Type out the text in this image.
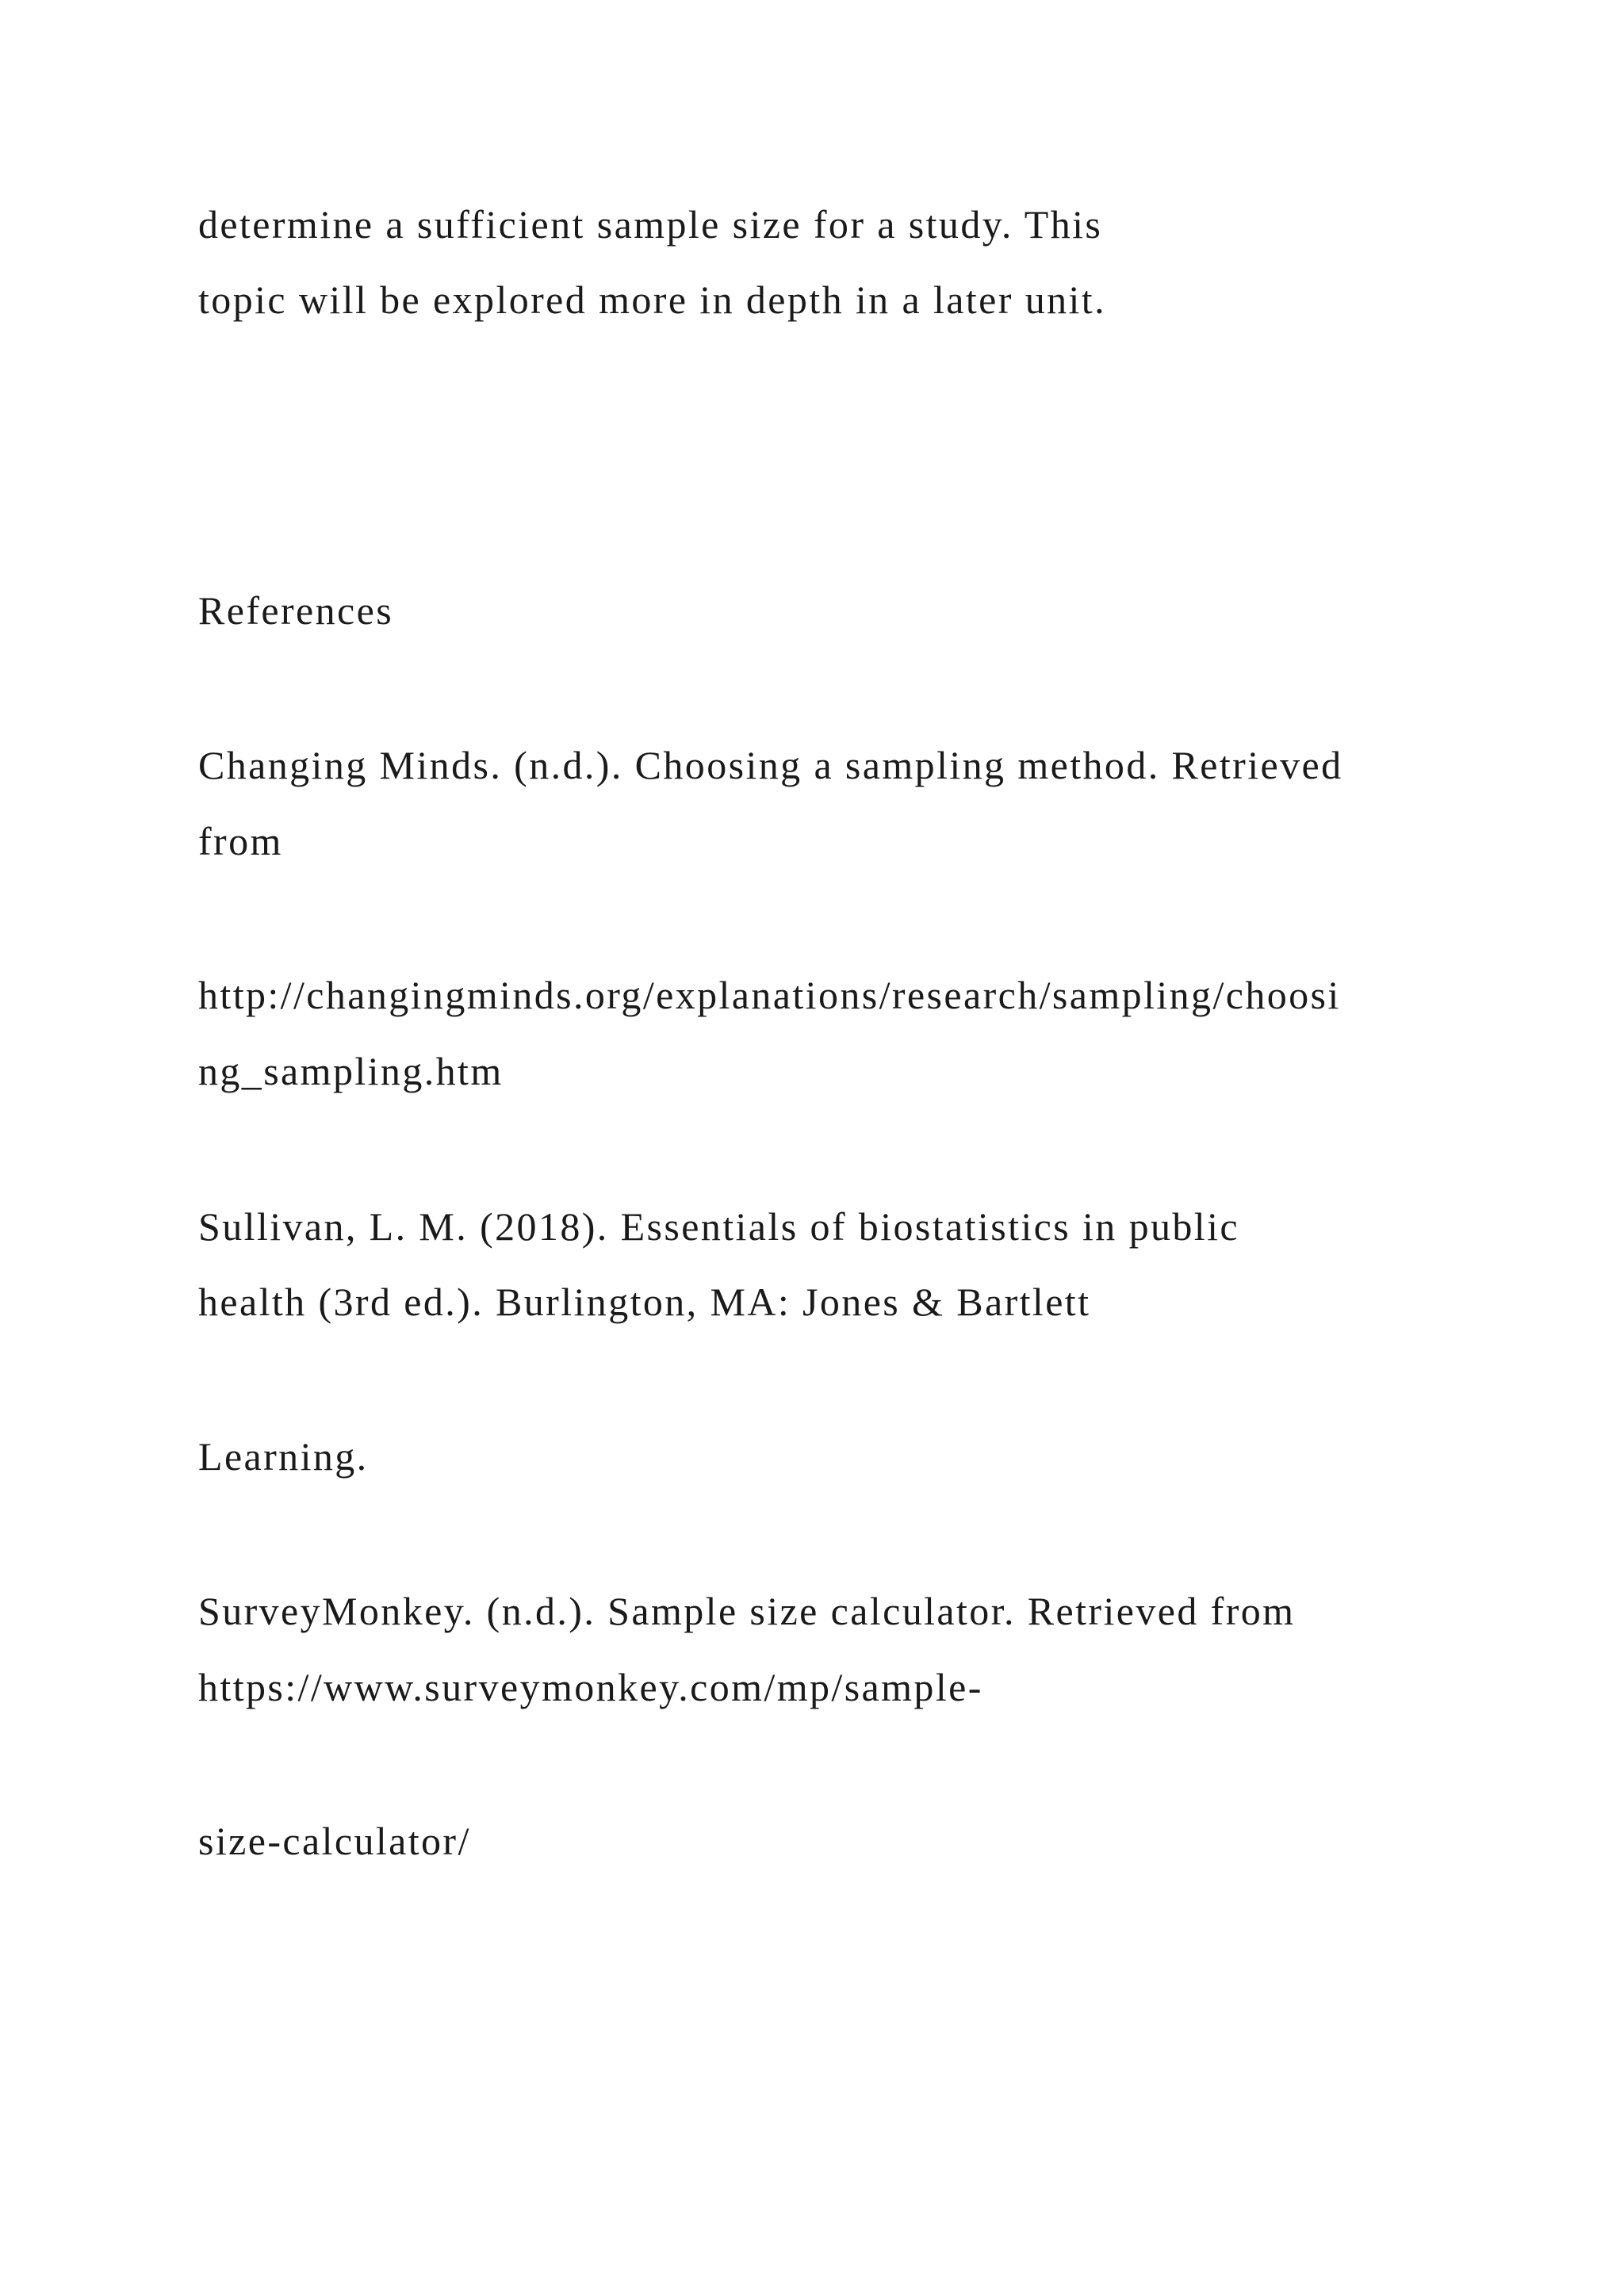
determine a sufficient sample size for a study. This
topic will be explored more in depth in a later unit.
References
Changing Minds. (n.d.). Choosing a sampling method. Retrieved
from
http://changingminds.org/explanations/research/sampling/choosi
ng_sampling.htm
Sullivan, L. M. (2018). Essentials of biostatistics in public
health (3rd ed.). Burlington, MA: Jones & Bartlett
Learning.
SurveyMonkey. (n.d.). Sample size calculator. Retrieved from
https://www.surveymonkey.com/mp/sample-
size-calculator/
